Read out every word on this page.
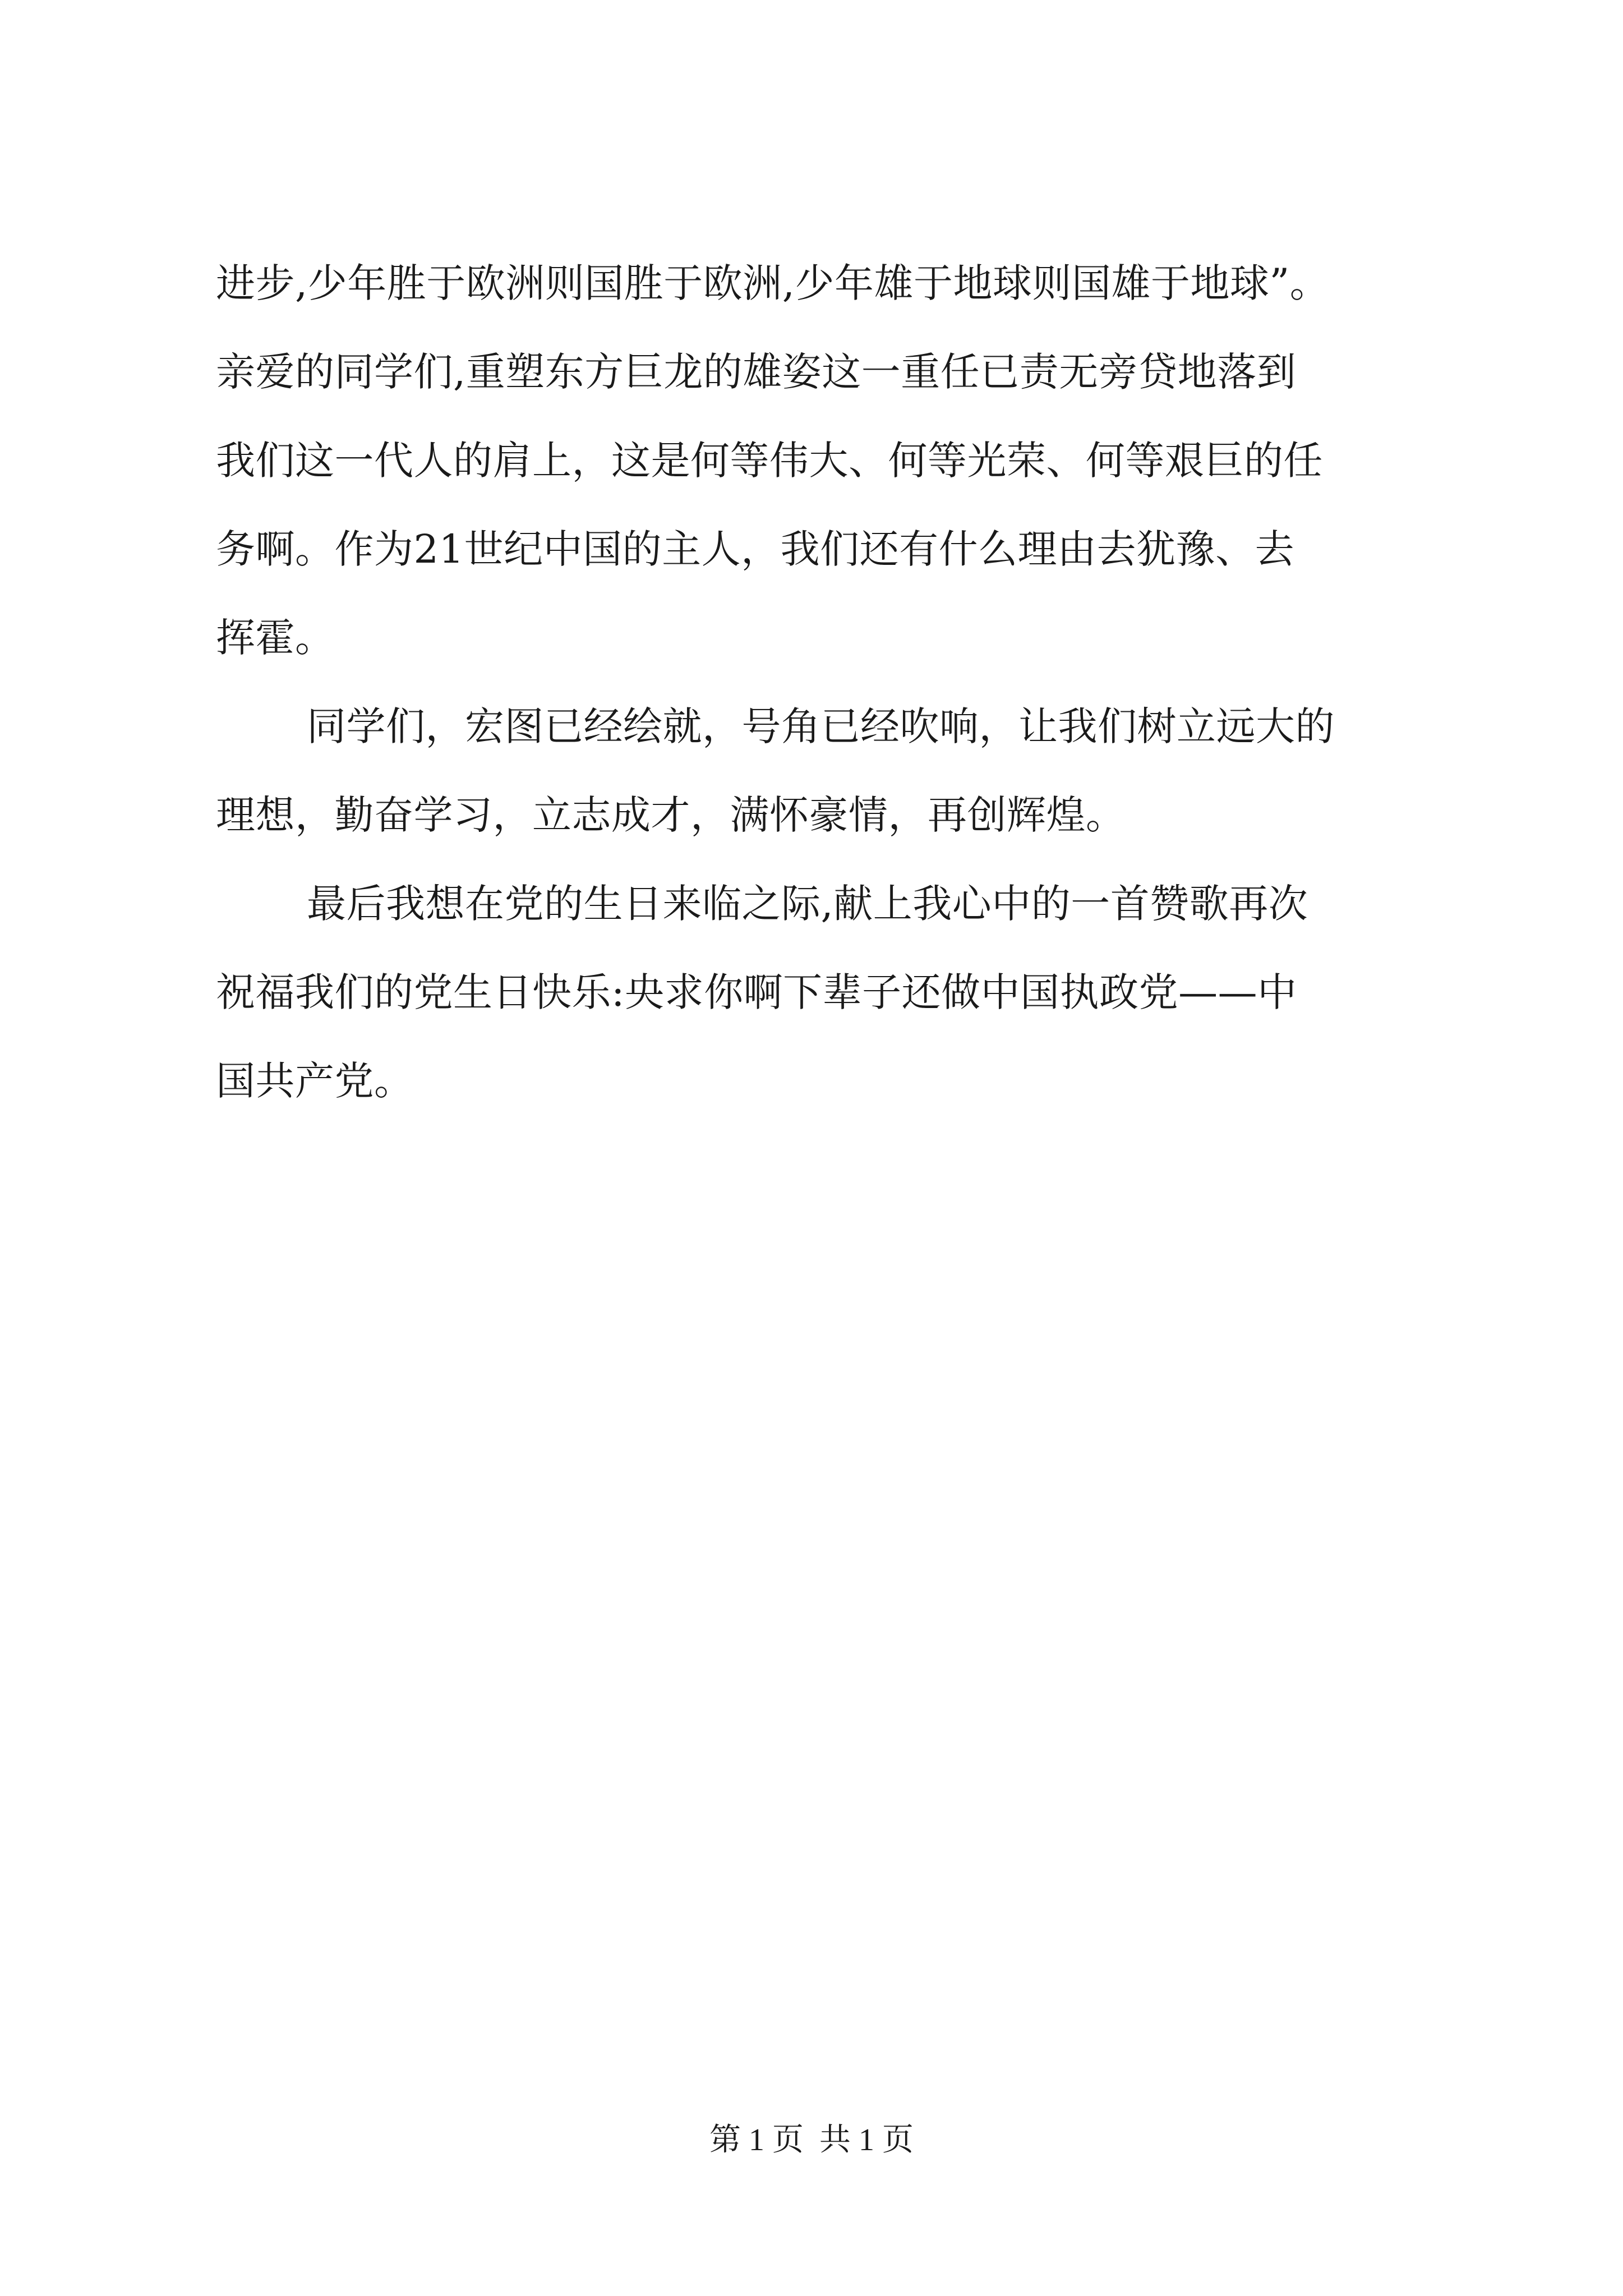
进步,少年胜于欧洲则国胜于欧洲,少年雄于地球则国雄于地球”。
亲爱的同学们,重塑东方巨龙的雄姿这一重任已责无旁贷地落到
我们这一代人的肩上，这是何等伟大、何等光荣、何等艰巨的任
务啊。作为21世纪中国的主人，我们还有什么理由去犹豫、去
挥霍。
同学们，宏图已经绘就，号角已经吹响，让我们树立远大的
理想，勤奋学习，立志成才，满怀豪情，再创辉煌。
最后我想在党的生日来临之际,献上我心中的一首赞歌再次
祝福我们的党生日快乐:央求你啊下辈子还做中国执政党——中
国共产党。
第 1 页  共 1 页
